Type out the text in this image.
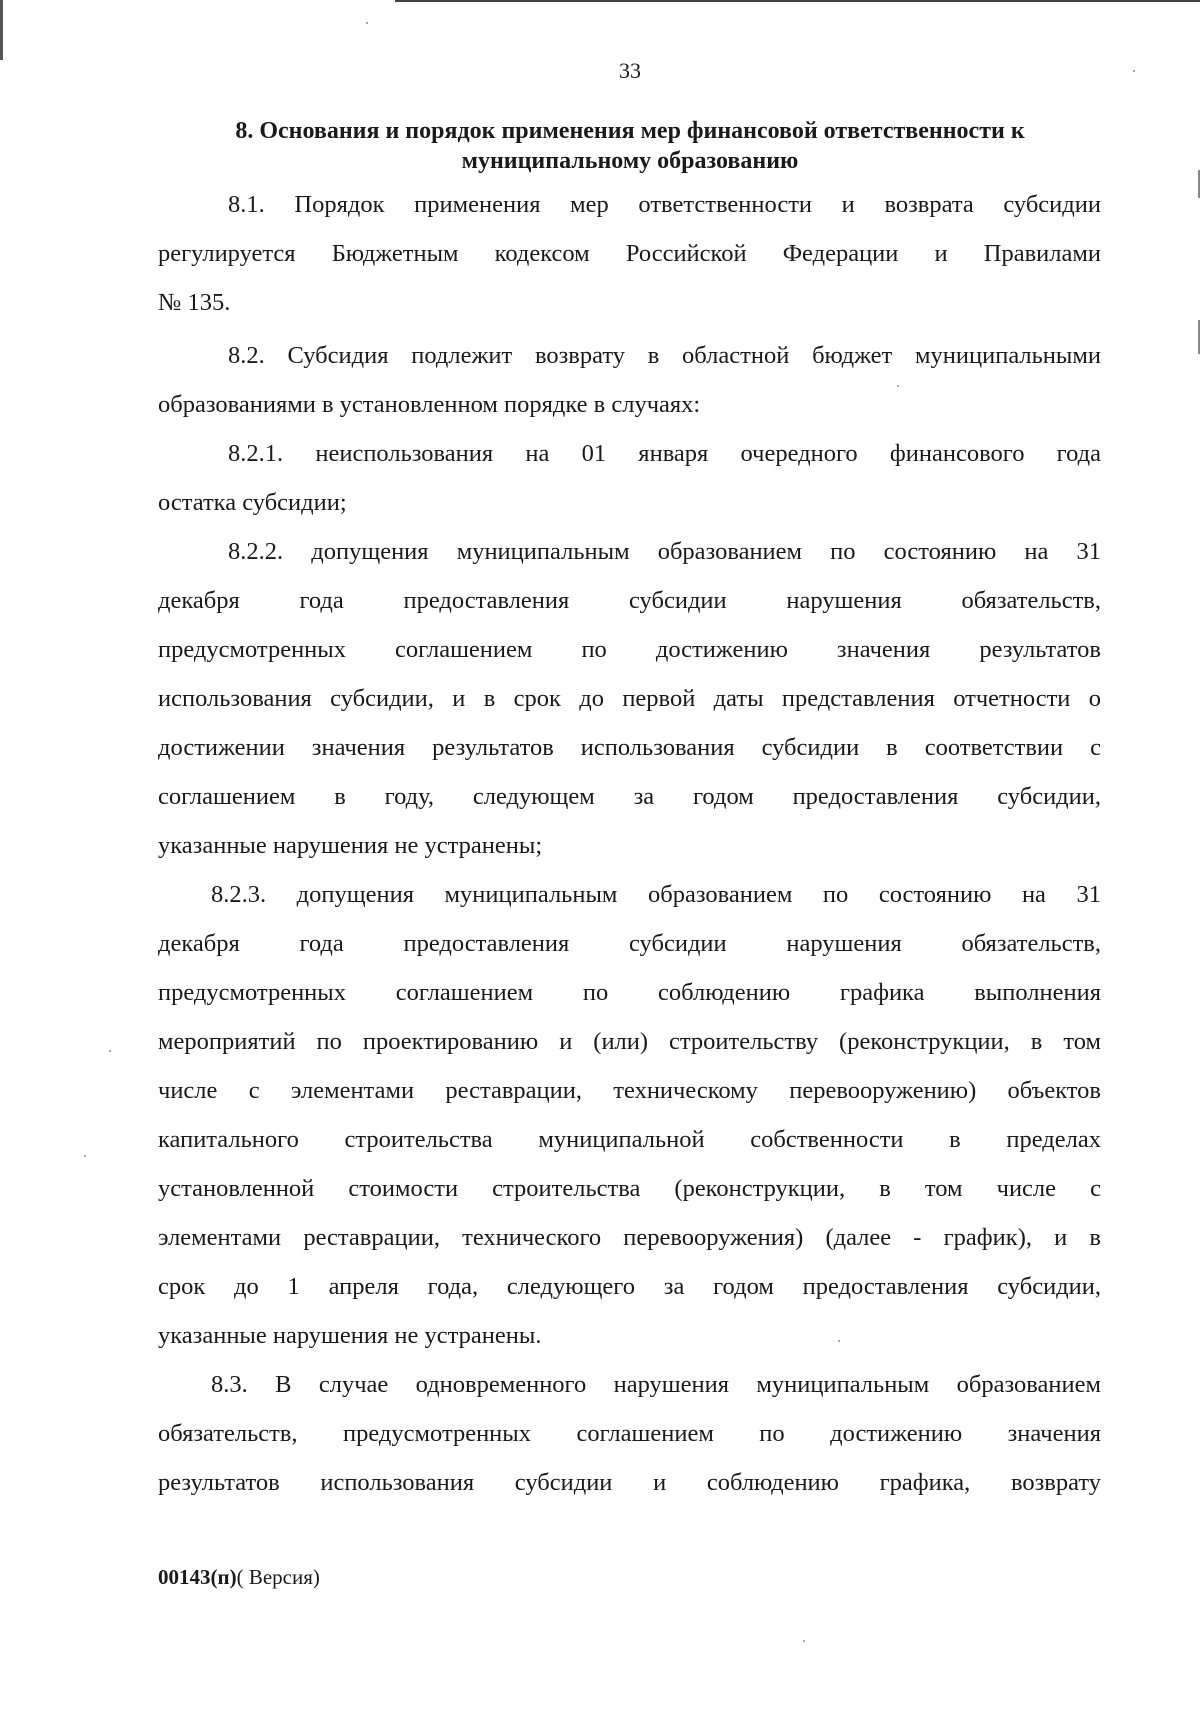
33
8. Основания и порядок применения мер финансовой ответственности к
муниципальному образованию
8.1. Порядок применения мер ответственности и возврата субсидии
регулируется Бюджетным кодексом Российской Федерации и Правилами
№ 135.
8.2. Субсидия подлежит возврату в областной бюджет муниципальными
образованиями в установленном порядке в случаях:
8.2.1. неиспользования на 01 января очередного финансового года
остатка субсидии;
8.2.2. допущения муниципальным образованием по состоянию на 31
декабря года предоставления субсидии нарушения обязательств,
предусмотренных соглашением по достижению значения результатов
использования субсидии, и в срок до первой даты представления отчетности о
достижении значения результатов использования субсидии в соответствии с
соглашением в году, следующем за годом предоставления субсидии,
указанные нарушения не устранены;
8.2.3. допущения муниципальным образованием по состоянию на 31
декабря года предоставления субсидии нарушения обязательств,
предусмотренных соглашением по соблюдению графика выполнения
мероприятий по проектированию и (или) строительству (реконструкции, в том
числе с элементами реставрации, техническому перевооружению) объектов
капитального строительства муниципальной собственности в пределах
установленной стоимости строительства (реконструкции, в том числе с
элементами реставрации, технического перевооружения) (далее - график), и в
срок до 1 апреля года, следующего за годом предоставления субсидии,
указанные нарушения не устранены.
8.3. В случае одновременного нарушения муниципальным образованием
обязательств, предусмотренных соглашением по достижению значения
результатов использования субсидии и соблюдению графика, возврату
00143(п)( Версия)
